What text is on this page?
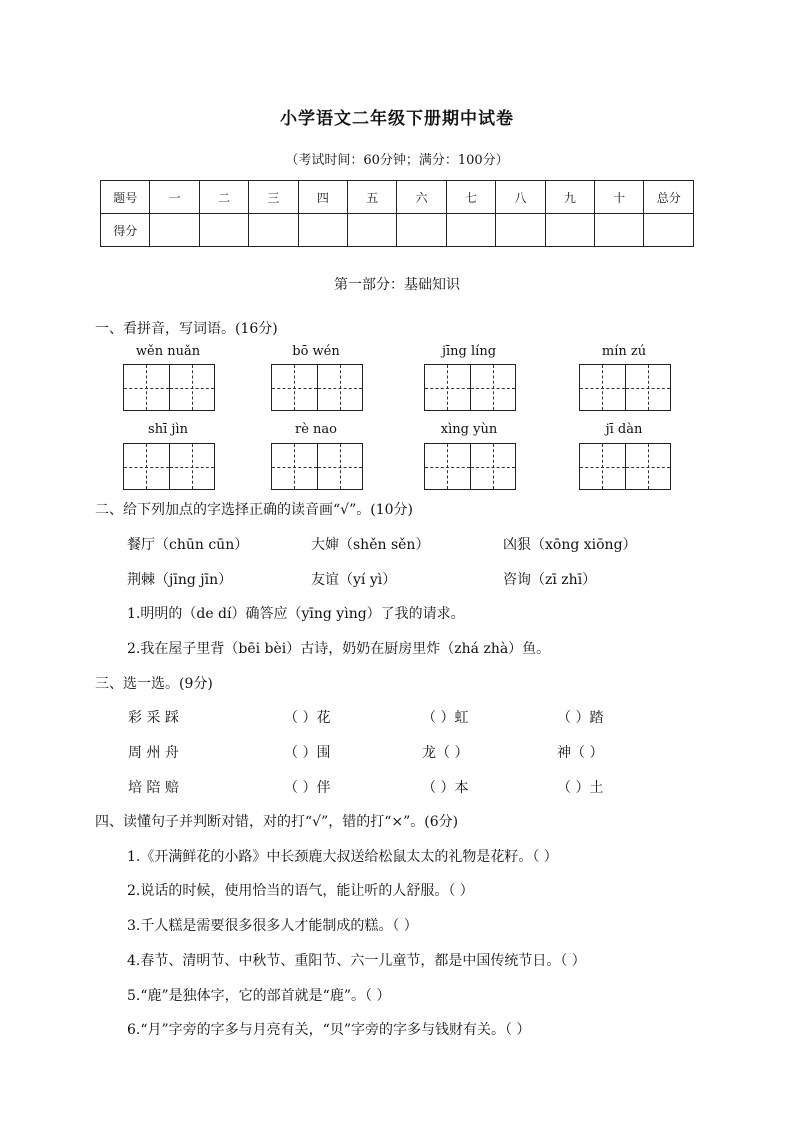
小学语文二年级下册期中试卷
（考试时间：60分钟；满分：100分）
题号	一	二	三	四	五	六	七	八	九	十	总分
得分											
第一部分：基础知识
一、看拼音，写词语。(16分)
wěn nuǎn	bō wén	jīng líng	mín zú
shī jìn	rè nao	xìng yùn	jī dàn
二、给下列加点的字选择正确的读音画“√”。(10分)
餐厅（chūn cūn）	大婶（shěn sěn）	凶狠（xōng xiōng）
荆棘（jīng jīn）	友谊（yí yì）	咨询（zī zhī）
1.明明的（de dí）确答应（yīng yìng）了我的请求。
2.我在屋子里背（bēi bèi）古诗，奶奶在厨房里炸（zhá zhà）鱼。
三、选一选。(9分)
彩 采 踩	（ ）花	（ ）虹	（ ）踏
周 州 舟	（ ）围	龙（ ）	神（ ）
培 陪 赔	（ ）伴	（ ）本	（ ）土
四、读懂句子并判断对错，对的打“√”，错的打“×”。(6分)
1.《开满鲜花的小路》中长颈鹿大叔送给松鼠太太的礼物是花籽。（ ）
2.说话的时候，使用恰当的语气，能让听的人舒服。（ ）
3.千人糕是需要很多很多人才能制成的糕。（ ）
4.春节、清明节、中秋节、重阳节、六一儿童节，都是中国传统节日。（ ）
5.“鹿”是独体字，它的部首就是“鹿”。（ ）
6.“月”字旁的字多与月亮有关，“贝”字旁的字多与钱财有关。（ ）
